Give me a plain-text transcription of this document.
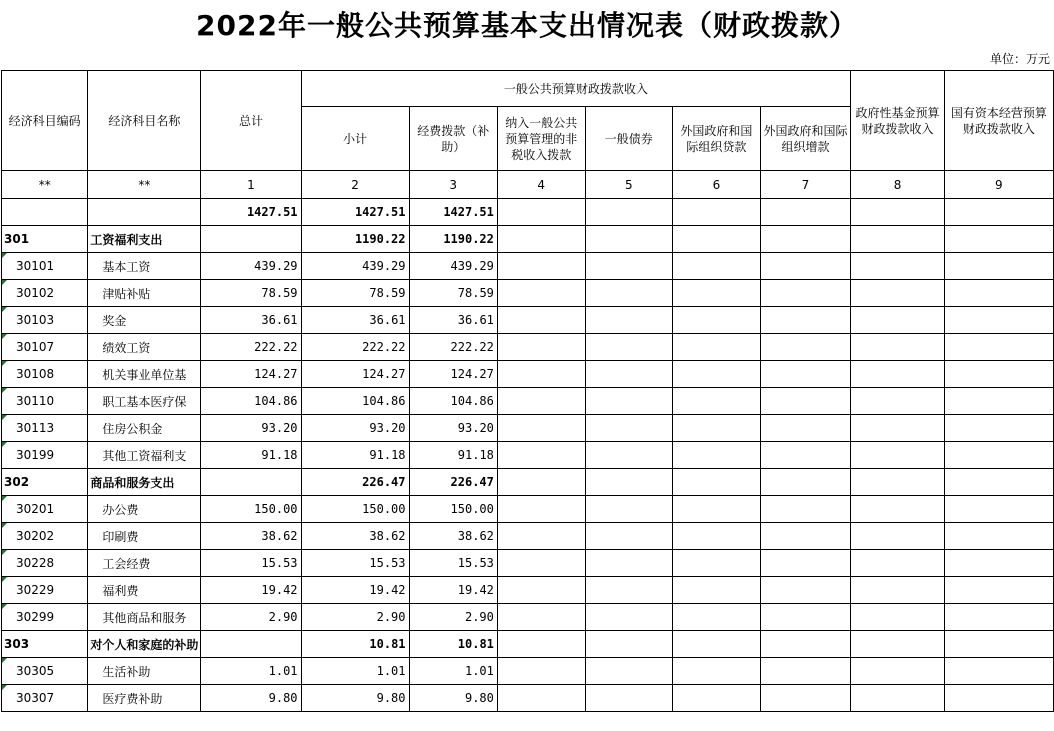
2022年一般公共预算基本支出情况表（财政拨款）
单位：万元
经济科目编码	经济科目名称	总计	一般公共预算财政拨款收入						政府性基金预算财政拨款收入	国有资本经营预算财政拨款收入
			小计	经费拨款（补助）	纳入一般公共预算管理的非税收入拨款	一般债券	外国政府和国际组织贷款	外国政府和国际组织增款		
**	**	1	2	3	4	5	6	7	8	9
		1427.51	1427.51	1427.51						
301	工资福利支出		1190.22	1190.22						
30101	基本工资	439.29	439.29	439.29						
30102	津贴补贴	78.59	78.59	78.59						
30103	奖金	36.61	36.61	36.61						
30107	绩效工资	222.22	222.22	222.22						
30108	机关事业单位基	124.27	124.27	124.27						
30110	职工基本医疗保	104.86	104.86	104.86						
30113	住房公积金	93.20	93.20	93.20						
30199	其他工资福利支	91.18	91.18	91.18						
302	商品和服务支出		226.47	226.47						
30201	办公费	150.00	150.00	150.00						
30202	印刷费	38.62	38.62	38.62						
30228	工会经费	15.53	15.53	15.53						
30229	福利费	19.42	19.42	19.42						
30299	其他商品和服务	2.90	2.90	2.90						
303	对个人和家庭的补助		10.81	10.81						
30305	生活补助	1.01	1.01	1.01						
30307	医疗费补助	9.80	9.80	9.80						
